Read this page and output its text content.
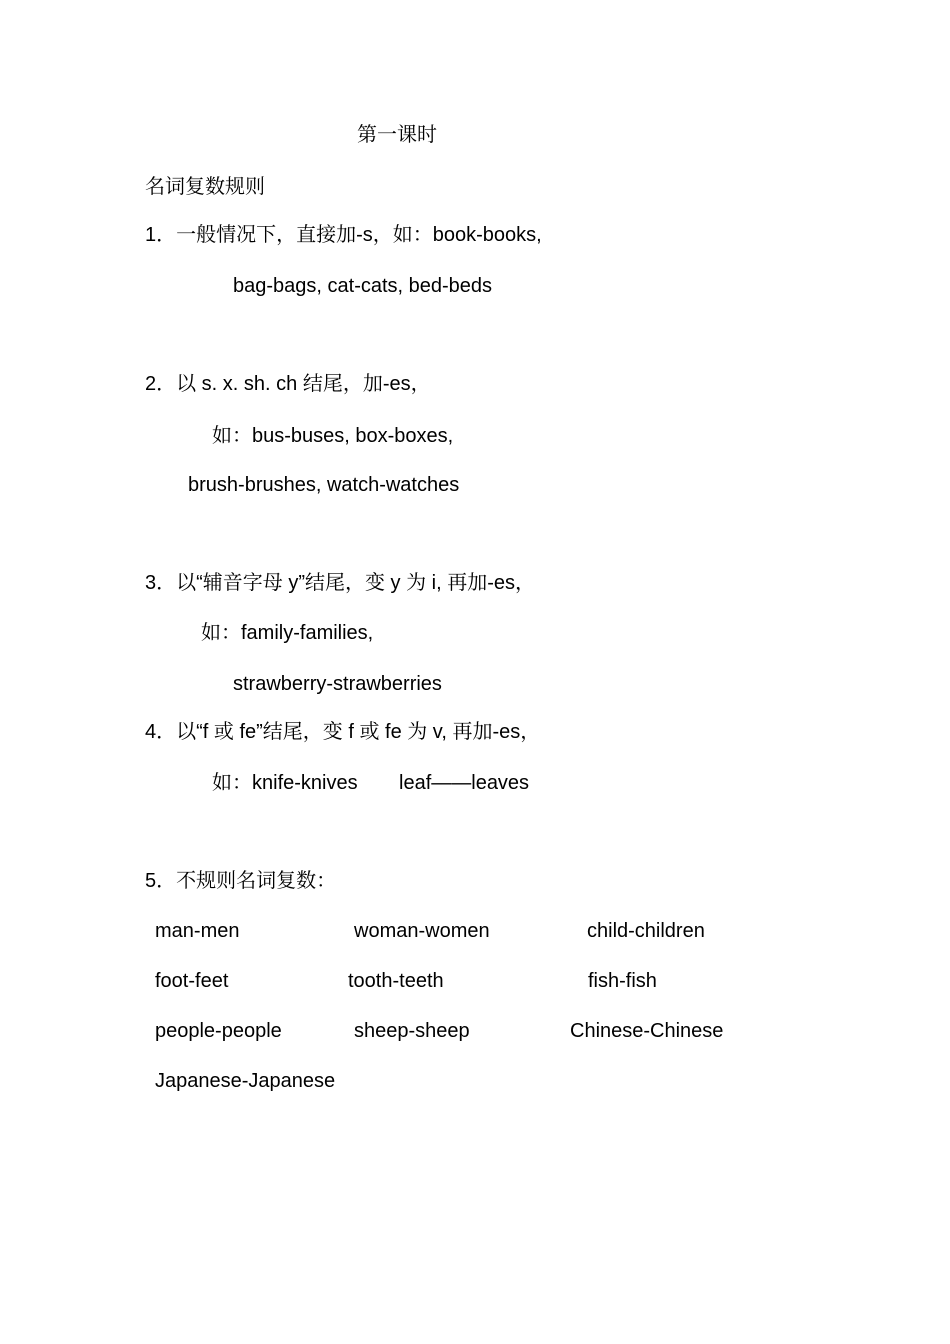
第一课时
名词复数规则
1．一般情况下，直接加-s，如：book-books,
bag-bags, cat-cats, bed-beds
2．以 s. x. sh. ch 结尾，加-es，
如：bus-buses, box-boxes,
brush-brushes, watch-watches
3．以“辅音字母 y”结尾，变 y 为 i, 再加-es，
如：family-families,
strawberry-strawberries
4．以“f 或 fe”结尾，变 f 或 fe 为 v, 再加-es，
如：knife-knives leaf——leaves
5．不规则名词复数：
man-men	woman-women	child-children
foot-feet	tooth-teeth	fish-fish
people-people	sheep-sheep	Chinese-Chinese
Japanese-Japanese
